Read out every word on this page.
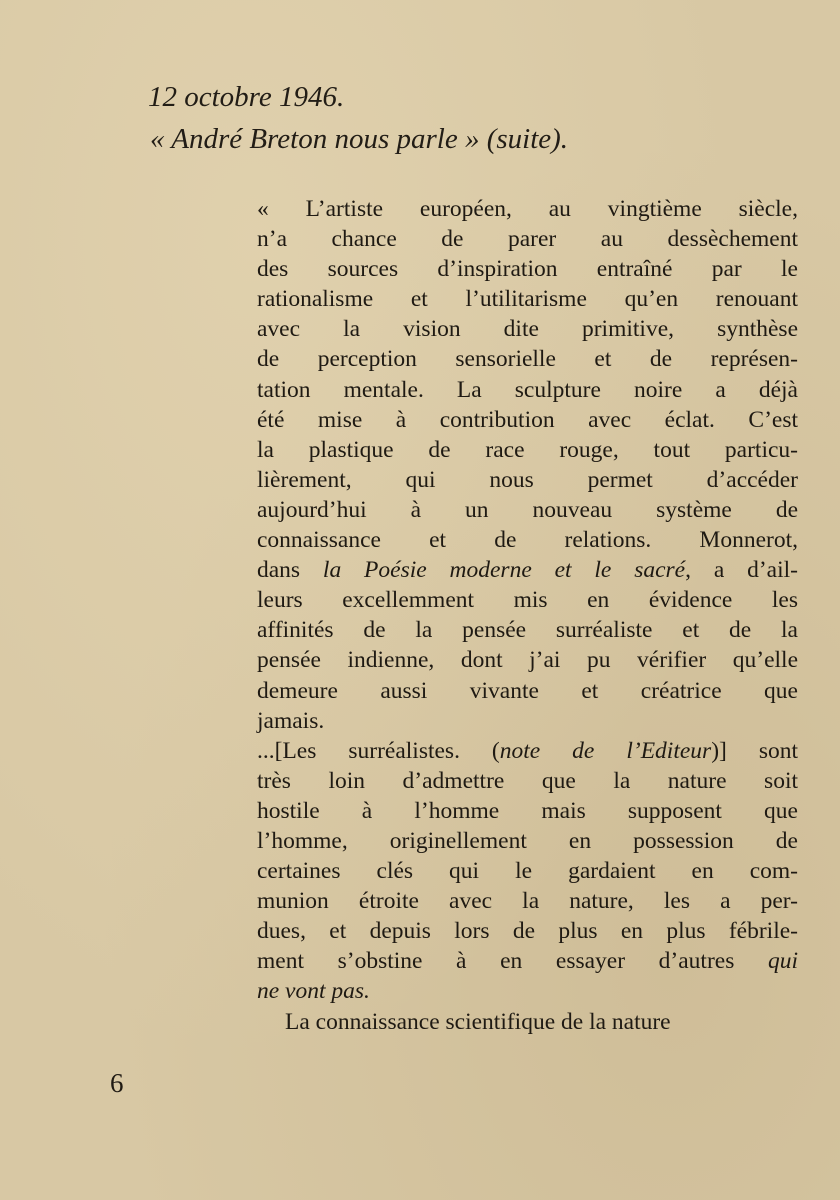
12 octobre 1946.
« André Breton nous parle » (suite).
« L’artiste européen, au vingtième siècle,
n’a chance de parer au dessèchement
des sources d’inspiration entraîné par le
rationalisme et l’utilitarisme qu’en renouant
avec la vision dite primitive, synthèse
de perception sensorielle et de représen-
tation mentale. La sculpture noire a déjà
été mise à contribution avec éclat. C’est
la plastique de race rouge, tout particu-
lièrement, qui nous permet d’accéder
aujourd’hui à un nouveau système de
connaissance et de relations. Monnerot,
dans la Poésie moderne et le sacré, a d’ail-
leurs excellemment mis en évidence les
affinités de la pensée surréaliste et de la
pensée indienne, dont j’ai pu vérifier qu’elle
demeure aussi vivante et créatrice que
jamais.
...[Les surréalistes. (note de l’Editeur)] sont
très loin d’admettre que la nature soit
hostile à l’homme mais supposent que
l’homme, originellement en possession de
certaines clés qui le gardaient en com-
munion étroite avec la nature, les a per-
dues, et depuis lors de plus en plus fébrile-
ment s’obstine à en essayer d’autres qui
ne vont pas.
La connaissance scientifique de la nature
6
